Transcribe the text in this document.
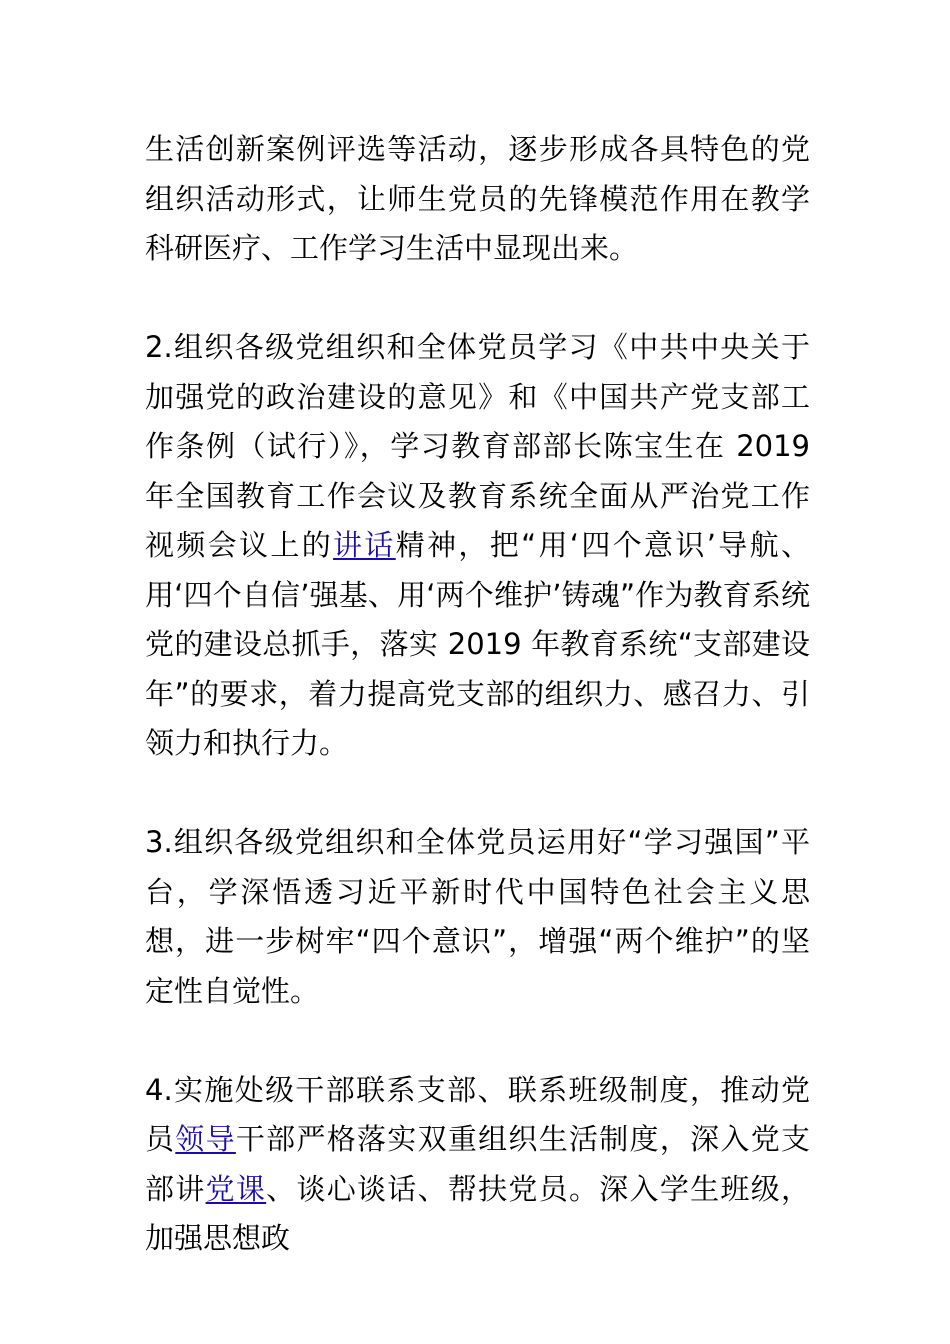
生活创新案例评选等活动，逐步形成各具特色的党组织活动形式，让师生党员的先锋模范作用在教学科研医疗、工作学习生活中显现出来。

2.组织各级党组织和全体党员学习《中共中央关于加强党的政治建设的意见》和《中国共产党支部工作条例（试行）》，学习教育部部长陈宝生在 2019 年全国教育工作会议及教育系统全面从严治党工作视频会议上的讲话精神，把“用‘四个意识’导航、用‘四个自信’强基、用‘两个维护’铸魂”作为教育系统党的建设总抓手，落实 2019 年教育系统“支部建设年”的要求，着力提高党支部的组织力、感召力、引领力和执行力。

3.组织各级党组织和全体党员运用好“学习强国”平台，学深悟透习近平新时代中国特色社会主义思想，进一步树牢“四个意识”，增强“两个维护”的坚定性自觉性。

4.实施处级干部联系支部、联系班级制度，推动党员领导干部严格落实双重组织生活制度，深入党支部讲党课、谈心谈话、帮扶党员。深入学生班级，加强思想政
